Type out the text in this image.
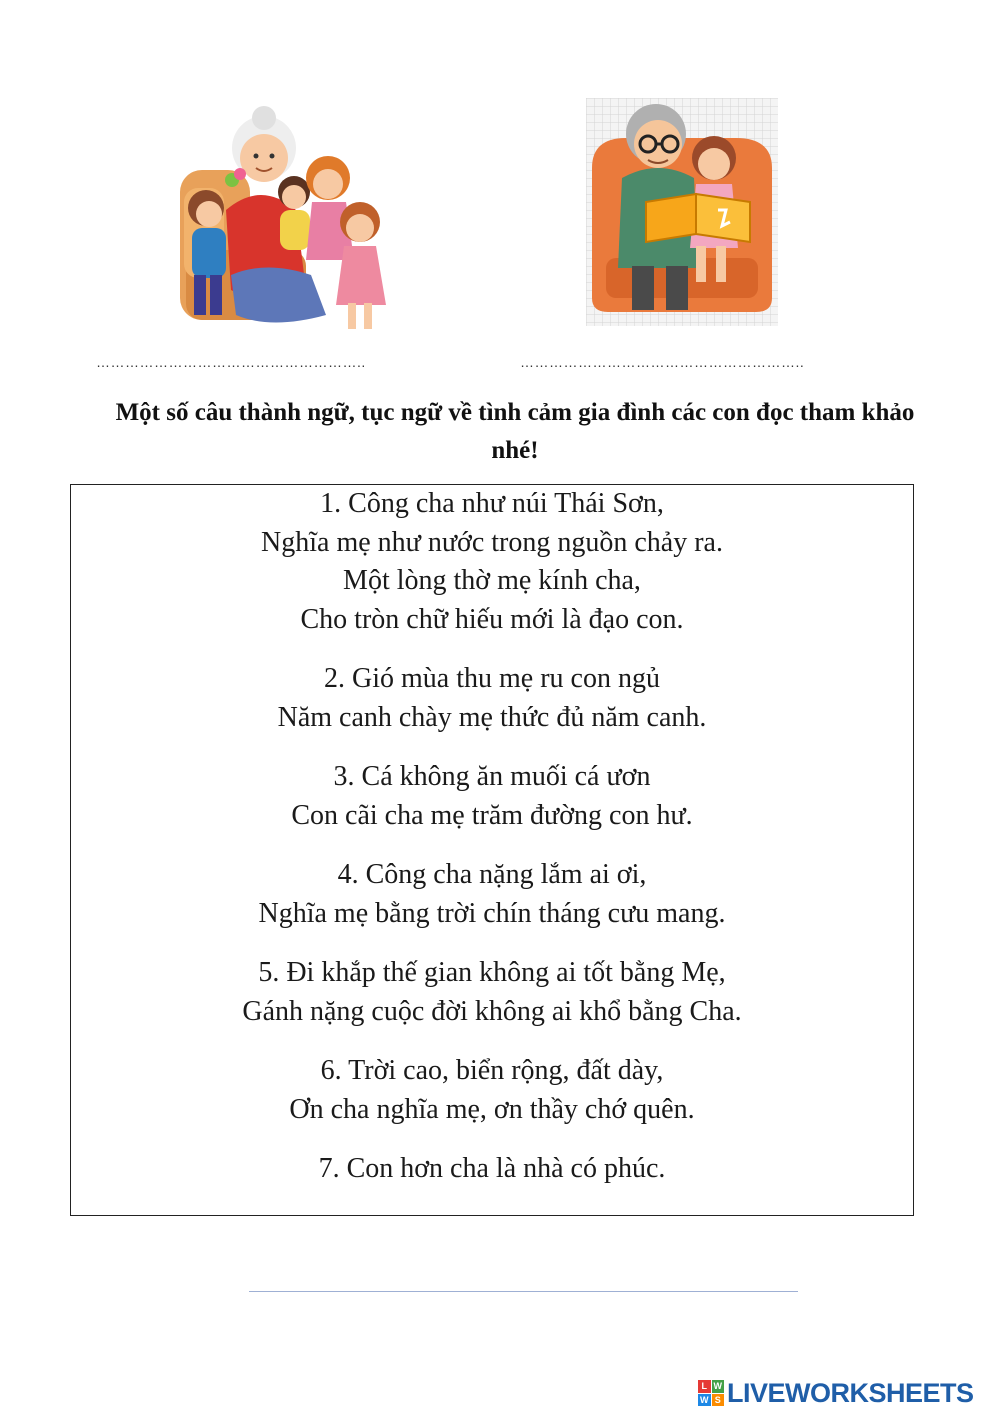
………………………………………………..	…………………………………………………..
Một số câu thành ngữ, tục ngữ về tình cảm gia đình các con đọc tham khảo nhé!
1. Công cha như núi Thái Sơn,
Nghĩa mẹ như nước trong nguồn chảy ra.
Một lòng thờ mẹ kính cha,
Cho tròn chữ hiếu mới là đạo con.
2. Gió mùa thu mẹ ru con ngủ
Năm canh chày mẹ thức đủ năm canh.
3. Cá không ăn muối cá ươn
Con cãi cha mẹ trăm đường con hư.
4. Công cha nặng lắm ai ơi,
Nghĩa mẹ bằng trời chín tháng cưu mang.
5. Đi khắp thế gian không ai tốt bằng Mẹ,
Gánh nặng cuộc đời không ai khổ bằng Cha.
6. Trời cao, biển rộng, đất dày,
Ơn cha nghĩa mẹ, ơn thầy chớ quên.
7. Con hơn cha là nhà có phúc.
L W
W S LIVEWORKSHEETS
